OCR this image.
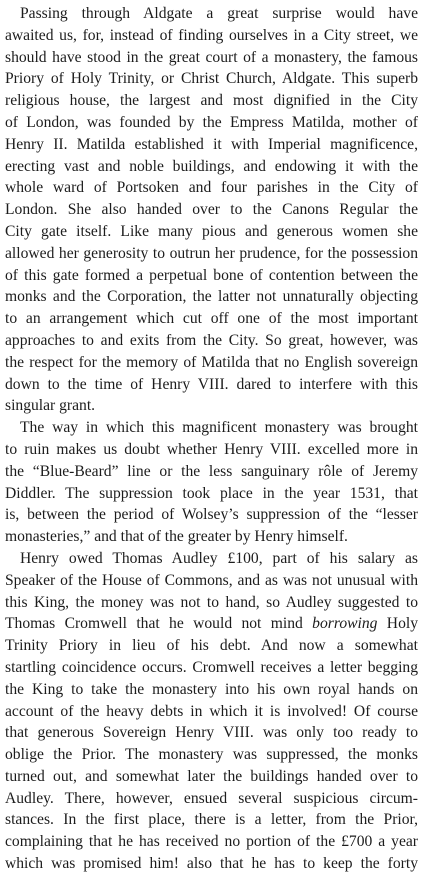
Passing through Aldgate a great surprise would have
awaited us, for, instead of finding ourselves in a City street, we
should have stood in the great court of a monastery, the famous
Priory of Holy Trinity, or Christ Church, Aldgate. This superb
religious house, the largest and most dignified in the City
of London, was founded by the Empress Matilda, mother of
Henry II. Matilda established it with Imperial magnificence,
erecting vast and noble buildings, and endowing it with the
whole ward of Portsoken and four parishes in the City of
London. She also handed over to the Canons Regular the
City gate itself. Like many pious and generous women she
allowed her generosity to outrun her prudence, for the possession
of this gate formed a perpetual bone of contention between the
monks and the Corporation, the latter not unnaturally objecting
to an arrangement which cut off one of the most important
approaches to and exits from the City. So great, however, was
the respect for the memory of Matilda that no English sovereign
down to the time of Henry VIII. dared to interfere with this
singular grant.
The way in which this magnificent monastery was brought
to ruin makes us doubt whether Henry VIII. excelled more in
the “Blue-Beard” line or the less sanguinary rôle of Jeremy
Diddler. The suppression took place in the year 1531, that
is, between the period of Wolsey’s suppression of the “lesser
monasteries,” and that of the greater by Henry himself.
Henry owed Thomas Audley £100, part of his salary as
Speaker of the House of Commons, and as was not unusual with
this King, the money was not to hand, so Audley suggested to
Thomas Cromwell that he would not mind borrowing Holy
Trinity Priory in lieu of his debt. And now a somewhat
startling coincidence occurs. Cromwell receives a letter begging
the King to take the monastery into his own royal hands on
account of the heavy debts in which it is involved! Of course
that generous Sovereign Henry VIII. was only too ready to
oblige the Prior. The monastery was suppressed, the monks
turned out, and somewhat later the buildings handed over to
Audley. There, however, ensued several suspicious circum-
stances. In the first place, there is a letter, from the Prior,
complaining that he has received no portion of the £700 a year
which was promised him! also that he has to keep the forty
